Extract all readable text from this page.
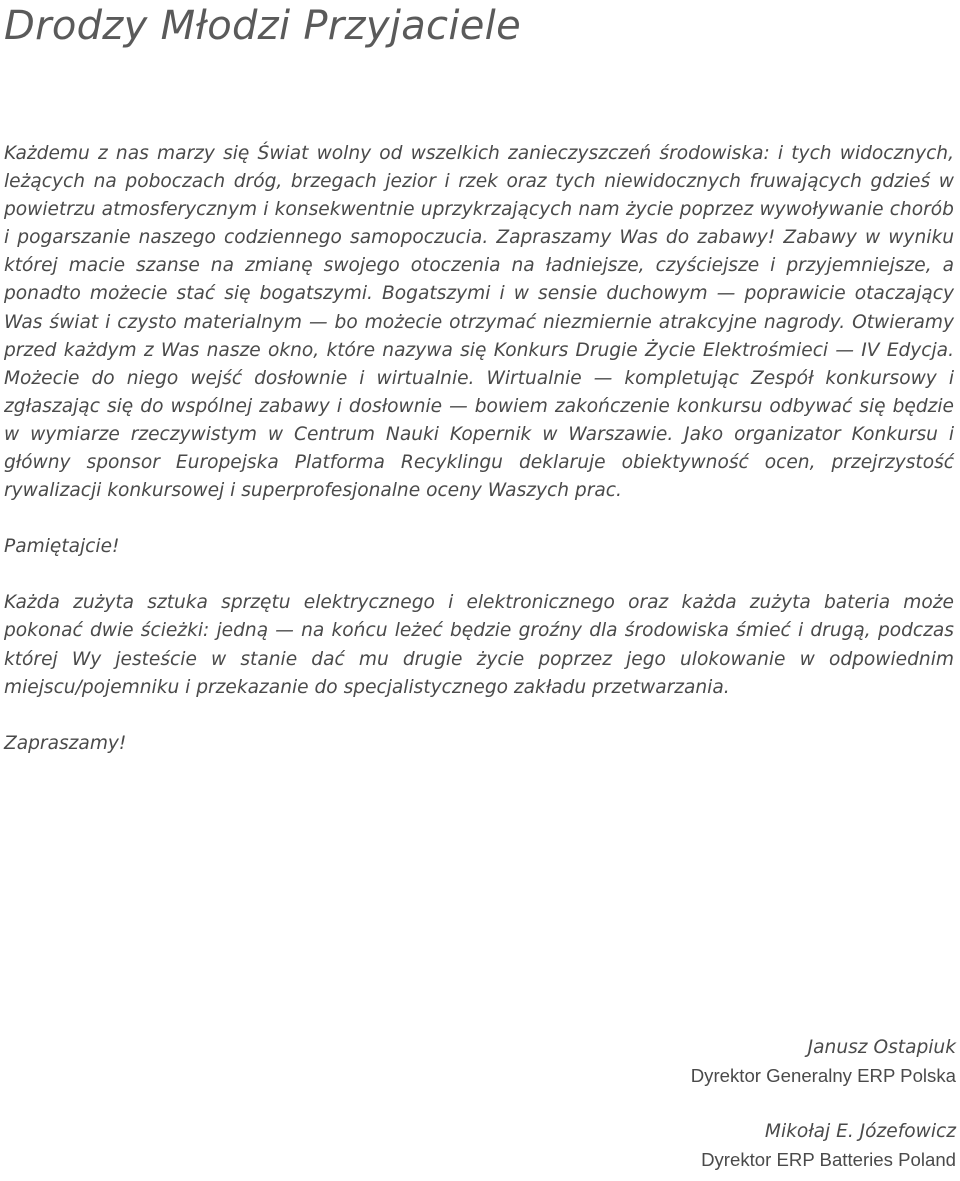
Drodzy Młodzi Przyjaciele

Każdemu z nas marzy się Świat wolny od wszelkich zanieczyszczeń środowiska: i tych widocznych, leżących na poboczach dróg, brzegach jezior i rzek oraz tych niewidocznych fruwających gdzieś w powietrzu atmosferycznym i konsekwentnie uprzykrzających nam życie poprzez wywoływanie chorób i pogarszanie naszego codziennego samopoczucia. Zapraszamy Was do zabawy! Zabawy w wyniku której macie szanse na zmianę swojego otoczenia na ładniejsze, czyściejsze i przyjemniejsze, a ponadto możecie stać się bogatszymi. Bogatszymi i w sensie duchowym — poprawicie otaczający Was świat i czysto materialnym — bo możecie otrzymać niezmiernie atrakcyjne nagrody. Otwieramy przed każdym z Was nasze okno, które nazywa się Konkurs Drugie Życie Elektrośmieci — IV Edycja. Możecie do niego wejść dosłownie i wirtualnie. Wirtualnie — kompletując Zespół konkursowy i zgłaszając się do wspólnej zabawy i dosłownie — bowiem zakończenie konkursu odbywać się będzie w wymiarze rzeczywistym w Centrum Nauki Kopernik w Warszawie. Jako organizator Konkursu i główny sponsor Europejska Platforma Recyklingu deklaruje obiektywność ocen, przejrzystość rywalizacji konkursowej i superprofesjonalne oceny Waszych prac.

Pamiętajcie!

Każda zużyta sztuka sprzętu elektrycznego i elektronicznego oraz każda zużyta bateria może pokonać dwie ścieżki: jedną — na końcu leżeć będzie groźny dla środowiska śmieć i drugą, podczas której Wy jesteście w stanie dać mu drugie życie poprzez jego ulokowanie w odpowiednim miejscu/pojemniku i przekazanie do specjalistycznego zakładu przetwarzania.

Zapraszamy!

Janusz Ostapiuk
Dyrektor Generalny ERP Polska
Mikołaj E. Józefowicz
Dyrektor ERP Batteries Poland
